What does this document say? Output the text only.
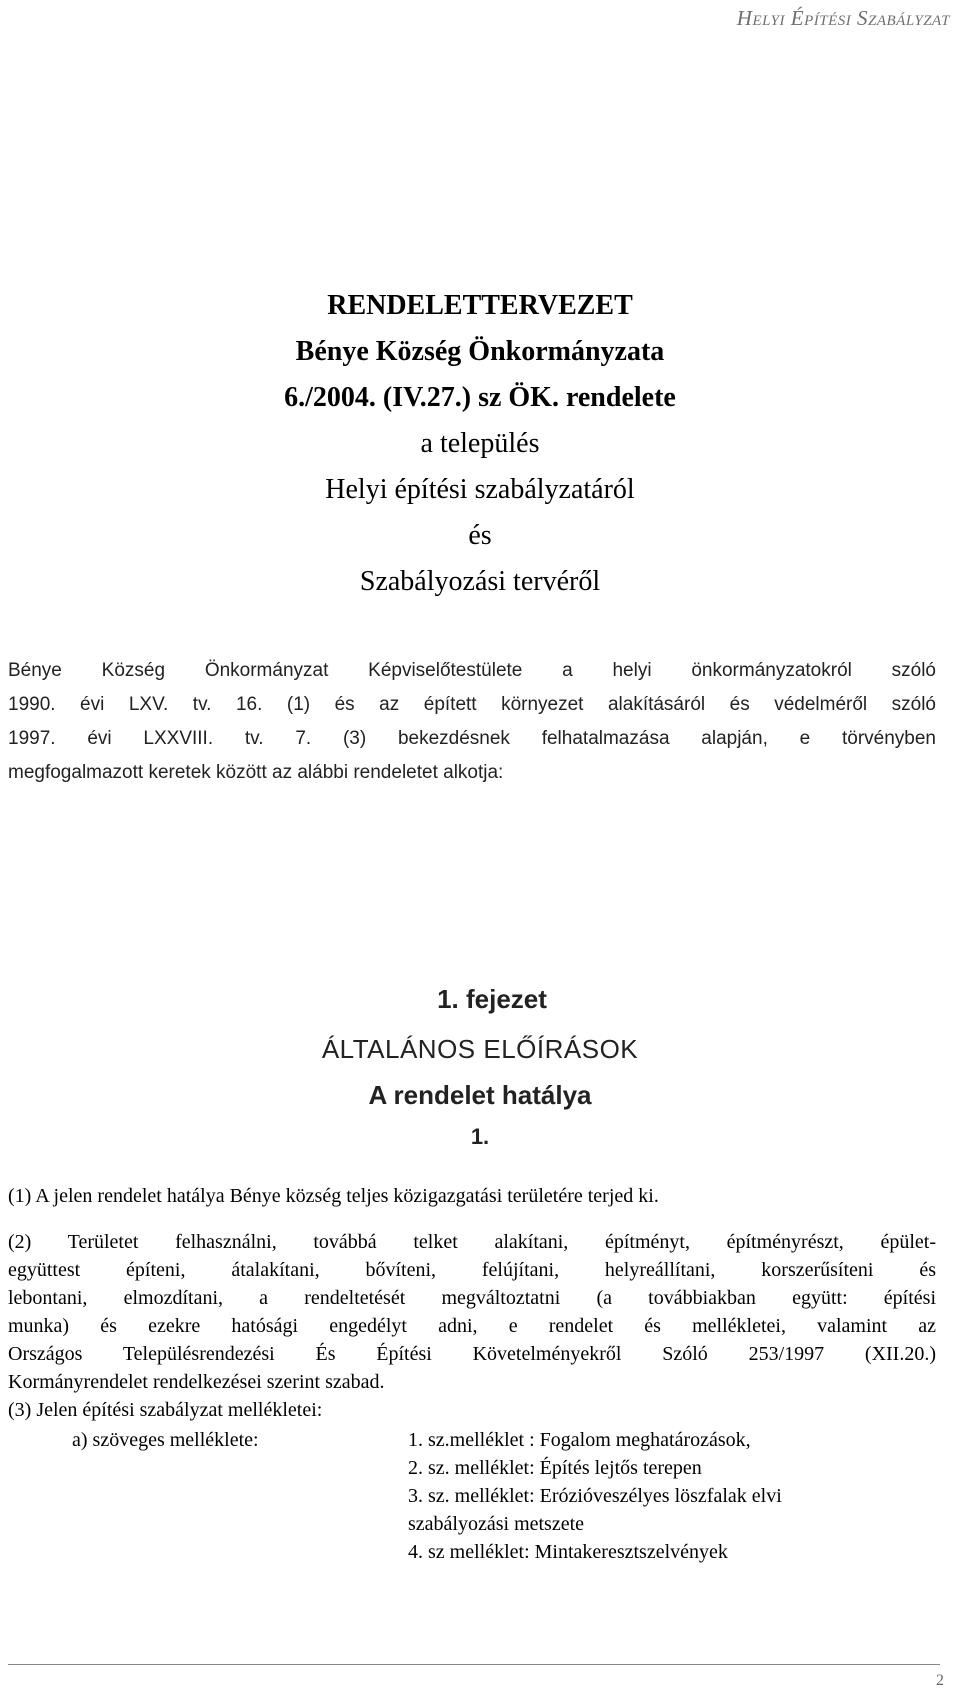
Helyi Építési Szabályzat
RENDELETTERVEZET
Bénye Község Önkormányzata
6./2004. (IV.27.) sz ÖK. rendelete
a település
Helyi építési szabályzatáról
és
Szabályozási tervéről
Bénye Község Önkormányzat Képviselőtestülete a helyi önkormányzatokról szóló
1990. évi LXV. tv. 16. (1) és az épített környezet alakításáról és védelméről szóló
1997. évi LXXVIII. tv. 7. (3) bekezdésnek felhatalmazása alapján, e törvényben
megfogalmazott keretek között az alábbi rendeletet alkotja:
1. fejezet
ÁLTALÁNOS ELŐÍRÁSOK
A rendelet hatálya
1.
(1) A jelen rendelet hatálya Bénye község teljes közigazgatási területére terjed ki.
(2) Területet felhasználni, továbbá telket alakítani, építményt, építményrészt, épület-
együttest építeni, átalakítani, bővíteni, felújítani, helyreállítani, korszerűsíteni és
lebontani, elmozdítani, a rendeltetését megváltoztatni (a továbbiakban együtt: építési
munka) és ezekre hatósági engedélyt adni, e rendelet és mellékletei, valamint az
Országos Településrendezési És Építési Követelményekről Szóló 253/1997 (XII.20.)
Kormányrendelet rendelkezései szerint szabad.
(3) Jelen építési szabályzat mellékletei:
a) szöveges melléklete:	1. sz.melléklet : Fogalom meghatározások,
2. sz. melléklet: Építés lejtős terepen
3. sz. melléklet: Erózióveszélyes löszfalak elvi
szabályozási metszete
4. sz melléklet: Mintakeresztszelvények
2
